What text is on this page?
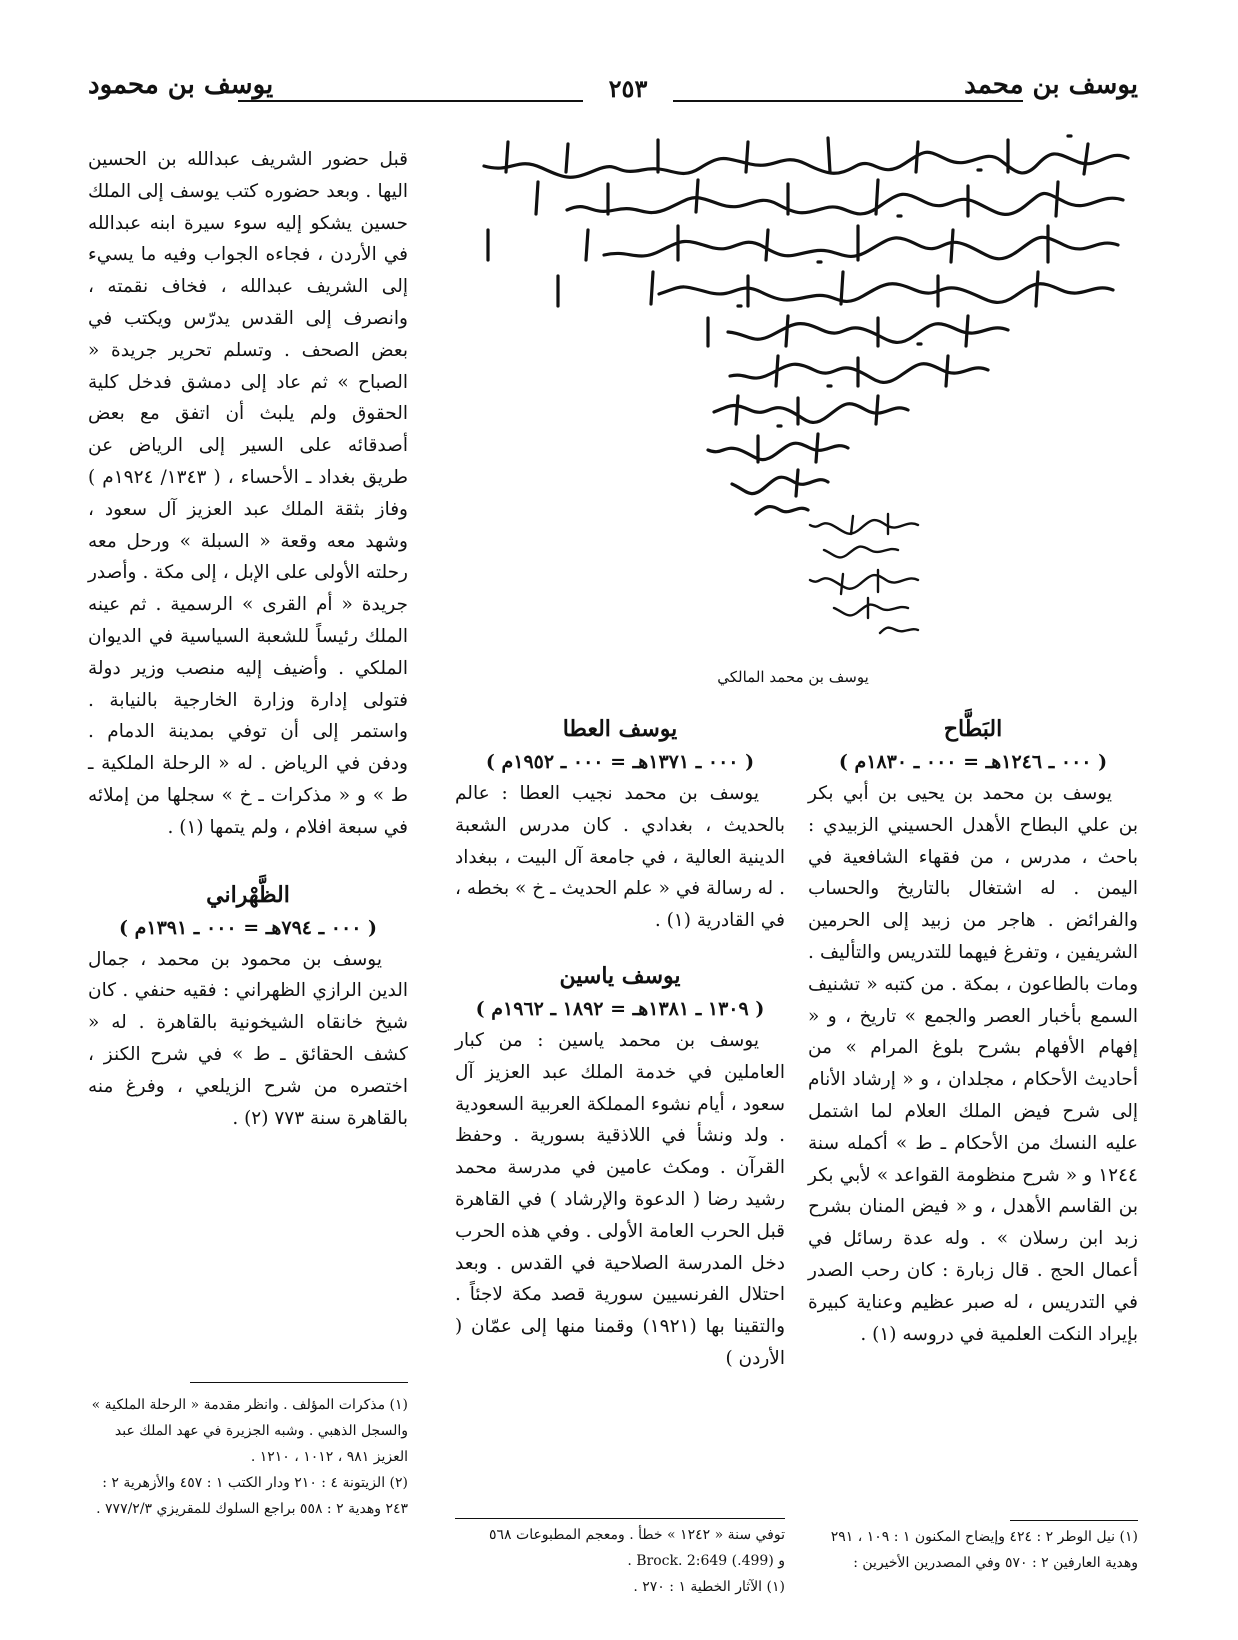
يوسف بن محمد
٢٥٣
يوسف بن محمود
يوسف بن محمد المالكي

البَطَّاح

( ٠٠٠ ـ ١٢٤٦هـ = ٠٠٠ ـ ١٨٣٠م )

يوسف بن محمد بن يحيى بن أبي بكر بن علي البطاح الأهدل الحسيني الزبيدي : باحث ، مدرس ، من فقهاء الشافعية في اليمن . له اشتغال بالتاريخ والحساب والفرائض . هاجر من زبيد إلى الحرمين الشريفين ، وتفرغ فيهما للتدريس والتأليف . ومات بالطاعون ، بمكة . من كتبه « تشنيف السمع بأخبار العصر والجمع » تاريخ ، و « إفهام الأفهام بشرح بلوغ المرام » من أحاديث الأحكام ، مجلدان ، و « إرشاد الأنام إلى شرح فيض الملك العلام لما اشتمل عليه النسك من الأحكام ـ ط » أكمله سنة ١٢٤٤ و « شرح منظومة القواعد » لأبي بكر بن القاسم الأهدل ، و « فيض المنان بشرح زبد ابن رسلان » . وله عدة رسائل في أعمال الحج . قال زبارة : كان رحب الصدر في التدريس ، له صبر عظيم وعناية كبيرة بإيراد النكت العلمية في دروسه (١) .

(١) نيل الوطر ٢ : ٤٢٤ وإيضاح المكنون ١ : ١٠٩ ، ٢٩١ وهدية العارفين ٢ : ٥٧٠ وفي المصدرين الأخيرين :

يوسف العطا

( ٠٠٠ ـ ١٣٧١هـ = ٠٠٠ ـ ١٩٥٢م )

يوسف بن محمد نجيب العطا : عالم بالحديث ، بغدادي . كان مدرس الشعبة الدينية العالية ، في جامعة آل البيت ، ببغداد . له رسالة في « علم الحديث ـ خ » بخطه ، في القادرية (١) .

يوسف ياسين

( ١٣٠٩ ـ ١٣٨١هـ = ١٨٩٢ ـ ١٩٦٢م )

يوسف بن محمد ياسين : من كبار العاملين في خدمة الملك عبد العزيز آل سعود ، أيام نشوء المملكة العربية السعودية . ولد ونشأ في اللاذقية بسورية . وحفظ القرآن . ومكث عامين في مدرسة محمد رشيد رضا ( الدعوة والإرشاد ) في القاهرة قبل الحرب العامة الأولى . وفي هذه الحرب دخل المدرسة الصلاحية في القدس . وبعد احتلال الفرنسيين سورية قصد مكة لاجئاً . والتقينا بها (١٩٢١) وقمنا منها إلى عمّان ( الأردن )

توفي سنة « ١٢٤٢ » خطأ . ومعجم المطبوعات ٥٦٨

و (499.) Brock. 2:649 .

(١) الآثار الخطية ١ : ٢٧٠ .

قبل حضور الشريف عبدالله بن الحسين اليها . وبعد حضوره كتب يوسف إلى الملك حسين يشكو إليه سوء سيرة ابنه عبدالله في الأردن ، فجاءه الجواب وفيه ما يسيء إلى الشريف عبدالله ، فخاف نقمته ، وانصرف إلى القدس يدرّس ويكتب في بعض الصحف . وتسلم تحرير جريدة « الصباح » ثم عاد إلى دمشق فدخل كلية الحقوق ولم يلبث أن اتفق مع بعض أصدقائه على السير إلى الرياض عن طريق بغداد ـ الأحساء ، ( ١٣٤٣/ ١٩٢٤م ) وفاز بثقة الملك عبد العزيز آل سعود ، وشهد معه وقعة « السبلة » ورحل معه رحلته الأولى على الإبل ، إلى مكة . وأصدر جريدة « أم القرى » الرسمية . ثم عينه الملك رئيساً للشعبة السياسية في الديوان الملكي . وأضيف إليه منصب وزير دولة فتولى إدارة وزارة الخارجية بالنيابة . واستمر إلى أن توفي بمدينة الدمام . ودفن في الرياض . له « الرحلة الملكية ـ ط » و « مذكرات ـ خ » سجلها من إملائه في سبعة افلام ، ولم يتمها (١) .

الظَّهْراني

( ٠٠٠ ـ ٧٩٤هـ = ٠٠٠ ـ ١٣٩١م )

يوسف بن محمود بن محمد ، جمال الدين الرازي الظهراني : فقيه حنفي . كان شيخ خانقاه الشيخونية بالقاهرة . له « كشف الحقائق ـ ط » في شرح الكنز ، اختصره من شرح الزيلعي ، وفرغ منه بالقاهرة سنة ٧٧٣ (٢) .

(١) مذكرات المؤلف . وانظر مقدمة « الرحلة الملكية » والسجل الذهبي . وشبه الجزيرة في عهد الملك عبد العزيز ٩٨١ ، ١٠١٢ ، ١٢١٠ .

(٢) الزيتونة ٤ : ٢١٠ ودار الكتب ١ : ٤٥٧ والأزهرية ٢ : ٢٤٣ وهدية ٢ : ٥٥٨ براجع السلوك للمقريزي ٧٧٧/٢/٣ .
